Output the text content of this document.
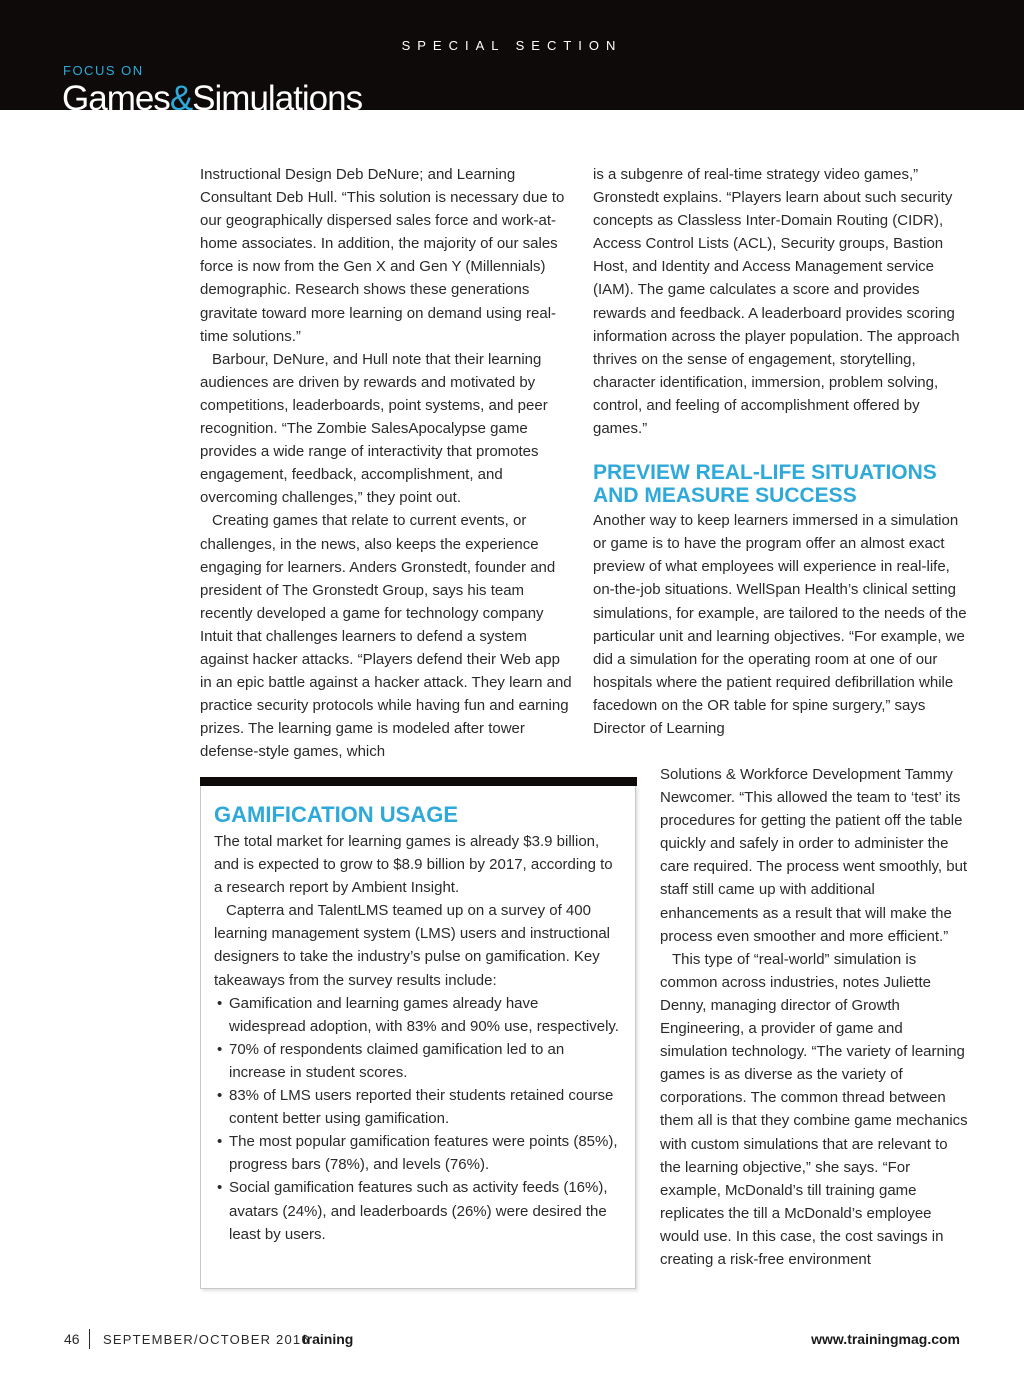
SPECIAL SECTION
FOCUS ON
Games&Simulations

Instructional Design Deb DeNure; and Learning Consultant Deb Hull. “This solution is necessary due to our geographically dispersed sales force and work-at-home associates. In addition, the majority of our sales force is now from the Gen X and Gen Y (Millennials) demographic. Research shows these generations gravitate toward more learning on demand using real-time solutions.”

Barbour, DeNure, and Hull note that their learning audiences are driven by rewards and motivated by competitions, leaderboards, point systems, and peer recognition. “The Zombie SalesApocalypse game provides a wide range of interactivity that promotes engagement, feedback, accomplishment, and overcoming challenges,” they point out.

Creating games that relate to current events, or challenges, in the news, also keeps the experience engaging for learners. Anders Gronstedt, founder and president of The Gronstedt Group, says his team recently developed a game for technology company Intuit that challenges learners to defend a system against hacker attacks. “Players defend their Web app in an epic battle against a hacker attack. They learn and practice security protocols while having fun and earning prizes. The learning game is modeled after tower defense-style games, which

is a subgenre of real-time strategy video games,” Gronstedt explains. “Players learn about such security concepts as Classless Inter-Domain Routing (CIDR), Access Control Lists (ACL), Security groups, Bastion Host, and Identity and Access Management service (IAM). The game calculates a score and provides rewards and feedback. A leaderboard provides scoring information across the player population. The approach thrives on the sense of engagement, storytelling, character identification, immersion, problem solving, control, and feeling of accomplishment offered by games.”

PREVIEW REAL-LIFE SITUATIONS AND MEASURE SUCCESS

Another way to keep learners immersed in a simulation or game is to have the program offer an almost exact preview of what employees will experience in real-life, on-the-job situations. WellSpan Health’s clinical setting simulations, for example, are tailored to the needs of the particular unit and learning objectives. “For example, we did a simulation for the operating room at one of our hospitals where the patient required defibrillation while facedown on the OR table for spine surgery,” says Director of Learning

Solutions & Workforce Development Tammy Newcomer. “This allowed the team to ‘test’ its procedures for getting the patient off the table quickly and safely in order to administer the care required. The process went smoothly, but staff still came up with additional enhancements as a result that will make the process even smoother and more efficient.”

This type of “real-world” simulation is common across industries, notes Juliette Denny, managing director of Growth Engineering, a provider of game and simulation technology. “The variety of learning games is as diverse as the variety of corporations. The common thread between them all is that they combine game mechanics with custom simulations that are relevant to the learning objective,” she says. “For example, McDonald’s till training game replicates the till a McDonald’s employee would use. In this case, the cost savings in creating a risk-free environment

GAMIFICATION USAGE

The total market for learning games is already $3.9 billion, and is expected to grow to $8.9 billion by 2017, according to a research report by Ambient Insight.

Capterra and TalentLMS teamed up on a survey of 400 learning management system (LMS) users and instructional designers to take the industry’s pulse on gamification. Key takeaways from the survey results include:

• Gamification and learning games already have widespread adoption, with 83% and 90% use, respectively.
• 70% of respondents claimed gamification led to an increase in student scores.
• 83% of LMS users reported their students retained course content better using gamification.
• The most popular gamification features were points (85%), progress bars (78%), and levels (76%).
• Social gamification features such as activity feeds (16%), avatars (24%), and leaderboards (26%) were desired the least by users.
46 SEPTEMBER/OCTOBER 2016
training	www.trainingmag.com
